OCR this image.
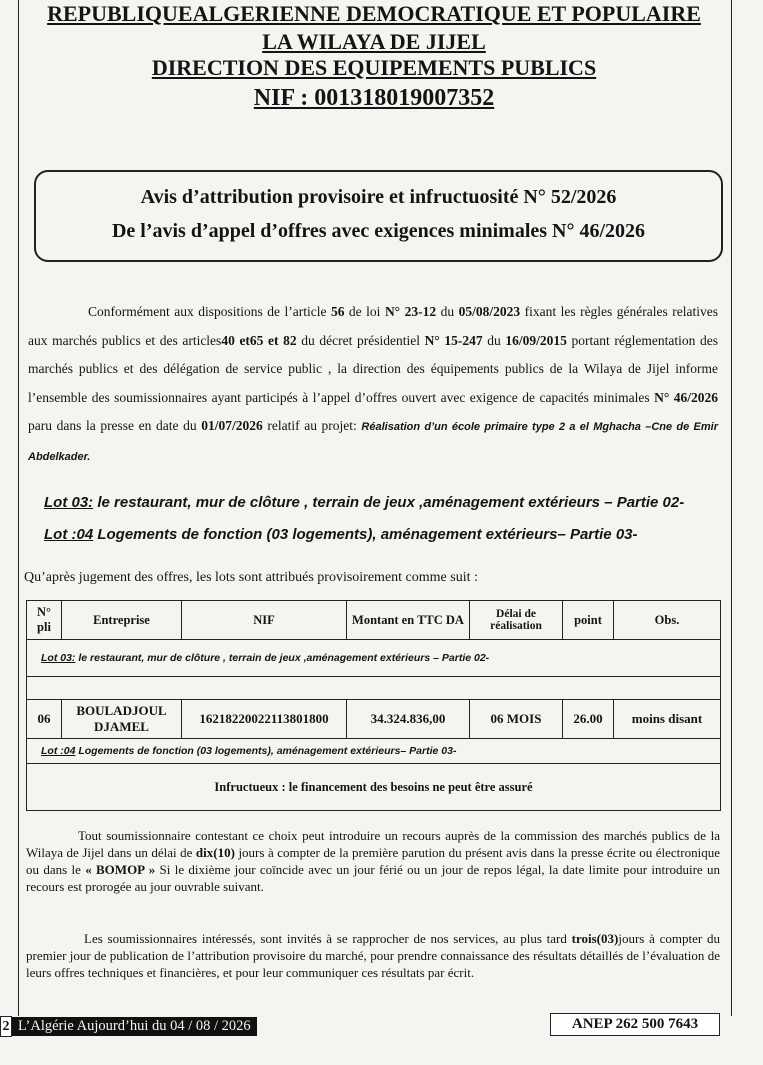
REPUBLIQUEALGERIENNE DEMOCRATIQUE ET POPULAIRE
LA WILAYA DE JIJEL
DIRECTION DES EQUIPEMENTS PUBLICS
NIF : 001318019007352
Avis d’attribution provisoire et infructuosité N° 52/2026
De l’avis d’appel d’offres avec exigences minimales N° 46/2026
Conformément aux dispositions de l’article 56 de loi N° 23-12 du 05/08/2023 fixant les règles générales relatives aux marchés publics et des articles40 et65 et 82 du décret présidentiel N° 15-247 du 16/09/2015 portant réglementation des marchés publics et des délégation de service public , la direction des équipements publics de la Wilaya de Jijel informe l’ensemble des soumissionnaires ayant participés à l’appel d’offres ouvert avec exigence de capacités minimales N° 46/2026 paru dans la presse en date du 01/07/2026 relatif au projet: Réalisation d’un école primaire type 2 a el Mghacha –Cne de Emir Abdelkader.
Lot 03: le restaurant, mur de clôture , terrain de jeux ,aménagement extérieurs – Partie 02-
Lot :04 Logements de fonction (03 logements), aménagement extérieurs– Partie 03-
Qu’après jugement des offres, les lots sont attribués provisoirement comme suit :
N° pli	Entreprise	NIF	Montant en TTC DA	Délai de réalisation	point	Obs.
Lot 03: le restaurant, mur de clôture , terrain de jeux ,aménagement extérieurs – Partie 02-						

06	BOULADJOUL DJAMEL	16218220022113801800	34.324.836,00	06 MOIS	26.00	moins disant
Lot :04 Logements de fonction (03 logements), aménagement extérieurs– Partie 03-						
Infructueux : le financement des besoins ne peut être assuré						
Tout soumissionnaire contestant ce choix peut introduire un recours auprès de la commission des marchés publics de la Wilaya de Jijel dans un délai de dix(10) jours à compter de la première parution du présent avis dans la presse écrite ou électronique ou dans le « BOMOP » Si le dixième jour coïncide avec un jour férié ou un jour de repos légal, la date limite pour introduire un recours est prorogée au jour ouvrable suivant.
Les soumissionnaires intéressés, sont invités à se rapprocher de nos services, au plus tard trois(03)jours à compter du premier jour de publication de l’attribution provisoire du marché, pour prendre connaissance des résultats détaillés de l’évaluation de leurs offres techniques et financières, et pour leur communiquer ces résultats par écrit.
2 L’Algérie Aujourd’hui du 04 / 08 / 2026	ANEP 262 500 7643
